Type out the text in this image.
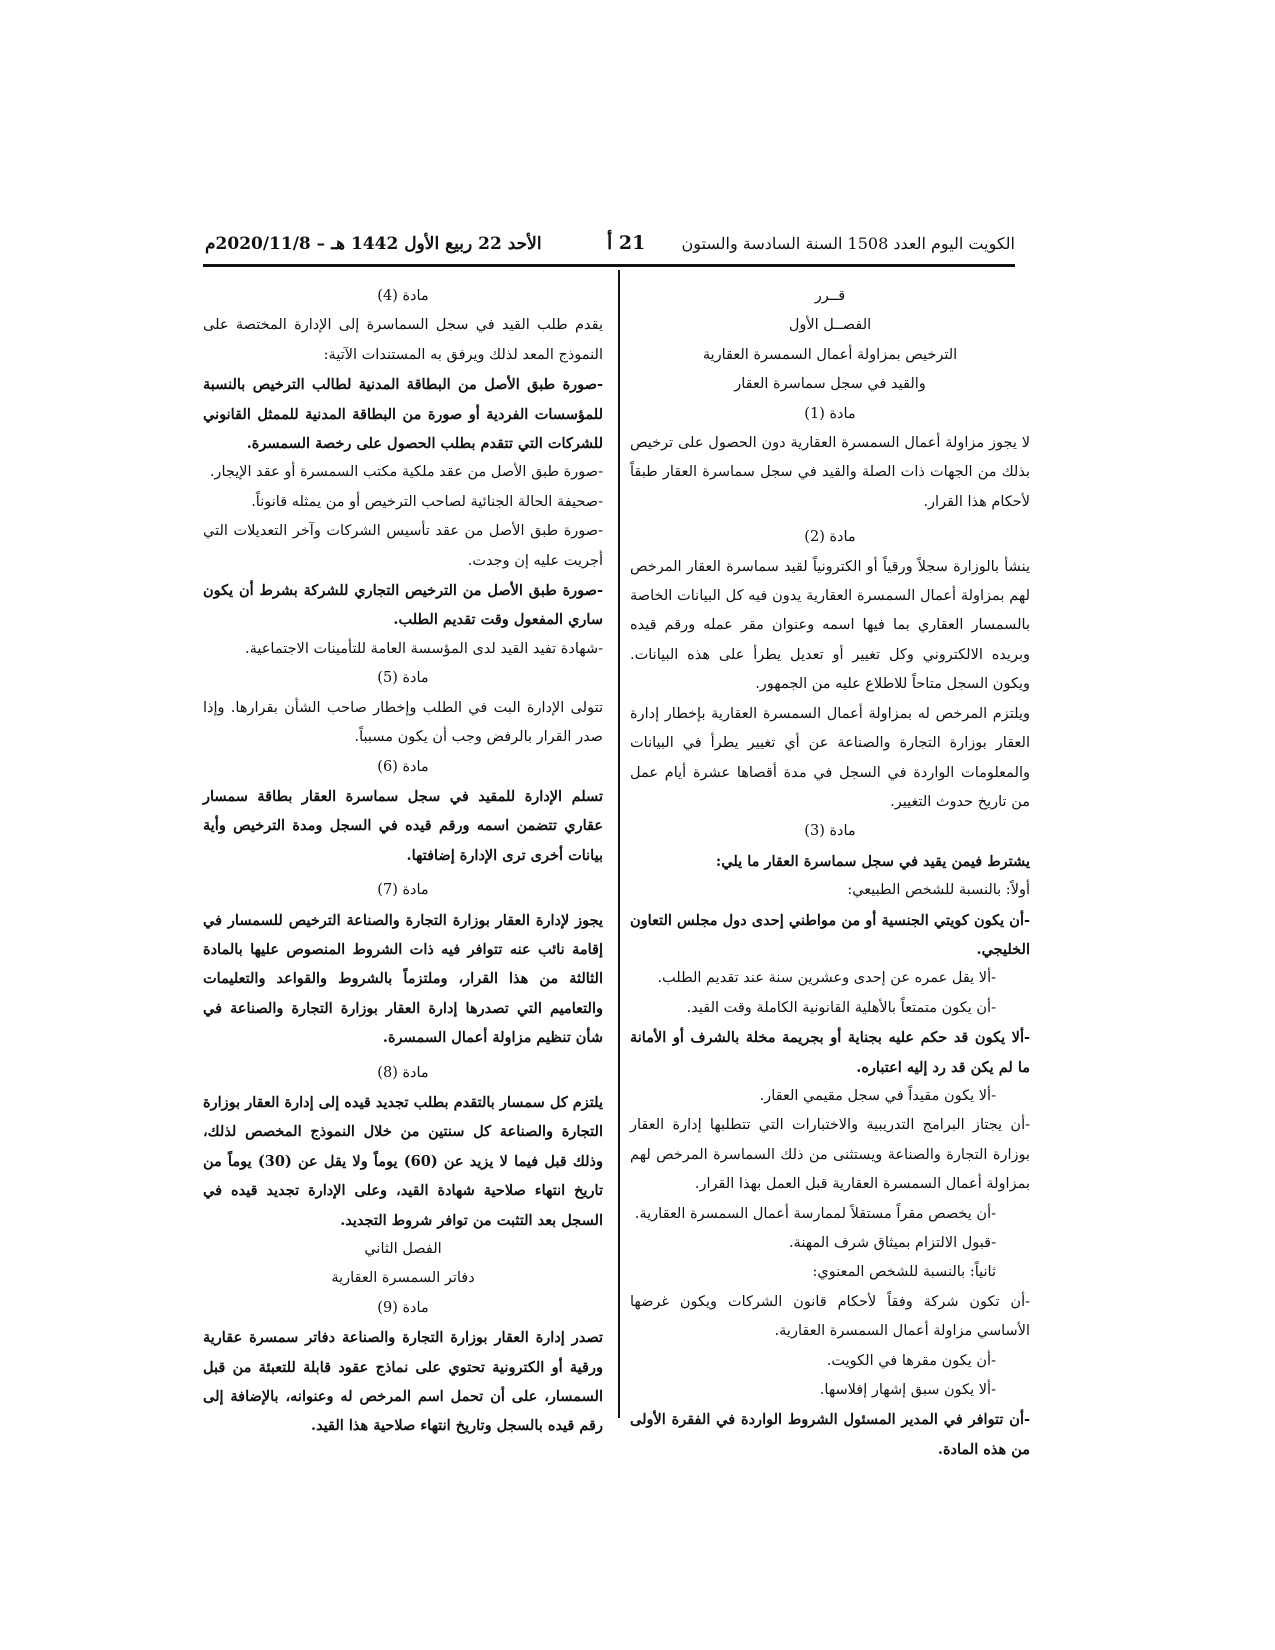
الأحد 22 ربيع الأول 1442 هـ – 2020/11/8م	21 أ الكويت اليوم العدد 1508 السنة السادسة والستون

قــرر

الفصــل الأول

الترخيص بمزاولة أعمال السمسرة العقارية

والقيد في سجل سماسرة العقار

مادة (1)

لا يجوز مزاولة أعمال السمسرة العقارية دون الحصول على ترخيص بذلك من الجهات ذات الصلة والقيد في سجل سماسرة العقار طبقاً لأحكام هذا القرار.

مادة (2)

ينشأ بالوزارة سجلاً ورقياً أو الكترونياً لقيد سماسرة العقار المرخص لهم بمزاولة أعمال السمسرة العقارية يدون فيه كل البيانات الخاصة بالسمسار العقاري بما فيها اسمه وعنوان مقر عمله ورقم قيده وبريده الالكتروني وكل تغيير أو تعديل يطرأ على هذه البيانات. ويكون السجل متاحاً للاطلاع عليه من الجمهور.

ويلتزم المرخص له بمزاولة أعمال السمسرة العقارية بإخطار إدارة العقار بوزارة التجارة والصناعة عن أي تغيير يطرأ في البيانات والمعلومات الواردة في السجل في مدة أقصاها عشرة أيام عمل من تاريخ حدوث التغيير.

مادة (3)

يشترط فيمن يقيد في سجل سماسرة العقار ما يلي:

أولاً: بالنسبة للشخص الطبيعي:

-أن يكون كويتي الجنسية أو من مواطني إحدى دول مجلس التعاون الخليجي.

-ألا يقل عمره عن إحدى وعشرين سنة عند تقديم الطلب.

-أن يكون متمتعاً بالأهلية القانونية الكاملة وقت القيد.

-ألا يكون قد حكم عليه بجناية أو بجريمة مخلة بالشرف أو الأمانة ما لم يكن قد رد إليه اعتباره.

-ألا يكون مقيداً في سجل مقيمي العقار.

-أن يجتاز البرامج التدريبية والاختبارات التي تتطلبها إدارة العقار بوزارة التجارة والصناعة ويستثنى من ذلك السماسرة المرخص لهم بمزاولة أعمال السمسرة العقارية قبل العمل بهذا القرار.

-أن يخصص مقراً مستقلاً لممارسة أعمال السمسرة العقارية.

-قبول الالتزام بميثاق شرف المهنة.

ثانياً: بالنسبة للشخص المعنوي:

-أن تكون شركة وفقاً لأحكام قانون الشركات ويكون غرضها الأساسي مزاولة أعمال السمسرة العقارية.

-أن يكون مقرها في الكويت.

-ألا يكون سبق إشهار إفلاسها.

-أن تتوافر في المدير المسئول الشروط الواردة في الفقرة الأولى من هذه المادة.

مادة (4)

يقدم طلب القيد في سجل السماسرة إلى الإدارة المختصة على النموذج المعد لذلك ويرفق به المستندات الآتية:

-صورة طبق الأصل من البطاقة المدنية لطالب الترخيص بالنسبة للمؤسسات الفردية أو صورة من البطاقة المدنية للممثل القانوني للشركات التي تتقدم بطلب الحصول على رخصة السمسرة.

-صورة طبق الأصل من عقد ملكية مكتب السمسرة أو عقد الإيجار.

-صحيفة الحالة الجنائية لصاحب الترخيص أو من يمثله قانوناً.

-صورة طبق الأصل من عقد تأسيس الشركات وآخر التعديلات التي أجريت عليه إن وجدت.

-صورة طبق الأصل من الترخيص التجاري للشركة بشرط أن يكون ساري المفعول وقت تقديم الطلب.

-شهادة تفيد القيد لدى المؤسسة العامة للتأمينات الاجتماعية.

مادة (5)

تتولى الإدارة البت في الطلب وإخطار صاحب الشأن بقرارها. وإذا صدر القرار بالرفض وجب أن يكون مسبباً.

مادة (6)

تسلم الإدارة للمقيد في سجل سماسرة العقار بطاقة سمسار عقاري تتضمن اسمه ورقم قيده في السجل ومدة الترخيص وأية بيانات أخرى ترى الإدارة إضافتها.

مادة (7)

يجوز لإدارة العقار بوزارة التجارة والصناعة الترخيص للسمسار في إقامة نائب عنه تتوافر فيه ذات الشروط المنصوص عليها بالمادة الثالثة من هذا القرار، وملتزماً بالشروط والقواعد والتعليمات والتعاميم التي تصدرها إدارة العقار بوزارة التجارة والصناعة في شأن تنظيم مزاولة أعمال السمسرة.

مادة (8)

يلتزم كل سمسار بالتقدم بطلب تجديد قيده إلى إدارة العقار بوزارة التجارة والصناعة كل سنتين من خلال النموذج المخصص لذلك، وذلك قبل فيما لا يزيد عن (60) يوماً ولا يقل عن (30) يوماً من تاريخ انتهاء صلاحية شهادة القيد، وعلى الإدارة تجديد قيده في السجل بعد التثبت من توافر شروط التجديد.

الفصل الثاني

دفاتر السمسرة العقارية

مادة (9)

تصدر إدارة العقار بوزارة التجارة والصناعة دفاتر سمسرة عقارية ورقية أو الكترونية تحتوي على نماذج عقود قابلة للتعبئة من قبل السمسار، على أن تحمل اسم المرخص له وعنوانه، بالإضافة إلى رقم قيده بالسجل وتاريخ انتهاء صلاحية هذا القيد.
